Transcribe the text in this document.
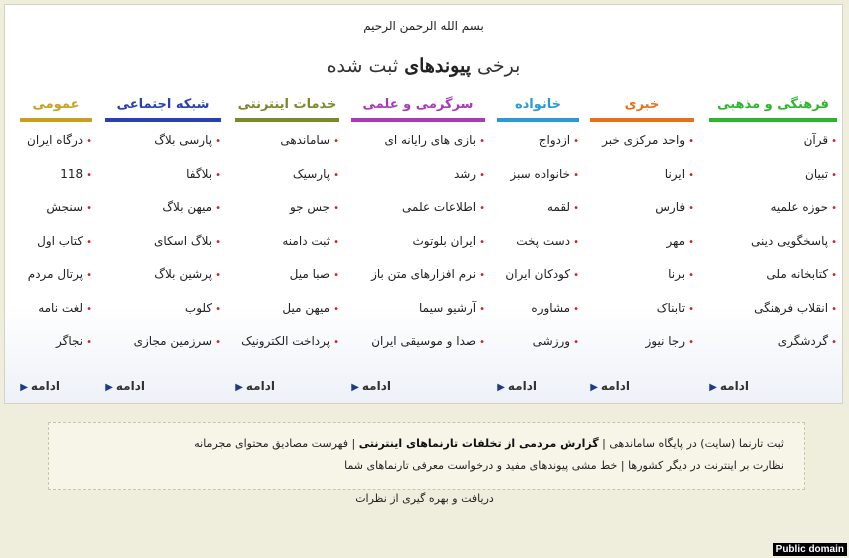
بسم الله الرحمن الرحیم
برخی پیوندهای ثبت شده
فرهنگی و مذهبی
•قرآن
•تبیان
•حوزه علمیه
•پاسخگویی دینی
•کتابخانه ملی
•انقلاب فرهنگی
•گردشگری
ادامه▶
خبری
•واحد مرکزی خبر
•ایرنا
•فارس
•مهر
•برنا
•تابناک
•رجا نیوز
ادامه▶
خانواده
•ازدواج
•خانواده سبز
•لقمه
•دست پخت
•کودکان ایران
•مشاوره
•ورزشی
ادامه▶
سرگرمی و علمی
•بازی های رایانه ای
•رشد
•اطلاعات علمی
•ایران بلوتوث
•نرم افزارهای متن باز
•آرشیو سیما
•صدا و موسیقی ایران
ادامه▶
خدمات اینترنتی
•ساماندهی
•پارسیک
•جس جو
•ثبت دامنه
•صبا میل
•میهن میل
•پرداخت الکترونیک
ادامه▶
شبکه اجتماعی
•پارسی بلاگ
•بلاگفا
•میهن بلاگ
•بلاگ اسکای
•پرشین بلاگ
•کلوب
•سرزمین مجازی
ادامه▶
عمومی
•درگاه ایران
•118
•سنجش
•کتاب اول
•پرتال مردم
•لغت نامه
•نجاگر
ادامه▶
ثبت تارنما (سایت) در پایگاه ساماندهی | گزارش مردمی از تخلفات تارنماهای اینترنتی | فهرست مصادیق محتوای مجرمانه
نظارت بر اینترنت در دیگر کشورها | خط مشی پیوندهای مفید و درخواست معرفی تارنماهای شما
دریافت و بهره گیری از نظرات
Public domain
